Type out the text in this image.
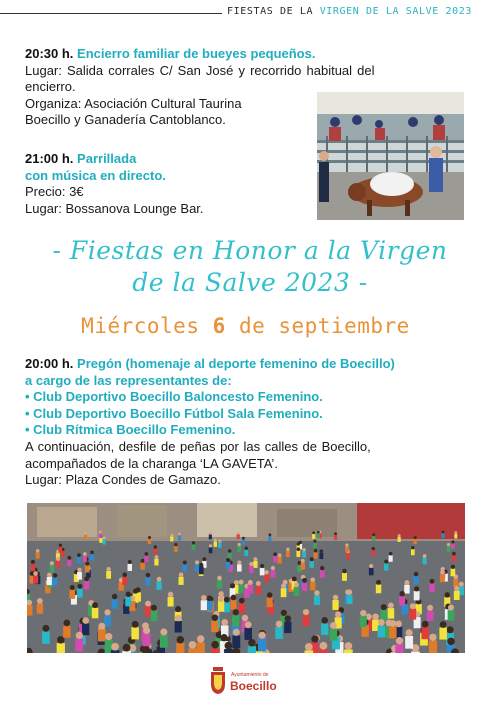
FIESTAS DE LA VIRGEN DE LA SALVE 2023
20:30 h. Encierro familiar de bueyes pequeños.
Lugar: Salida corrales C/ San José y recorrido habitual del
encierro.
Organiza: Asociación Cultural Taurina
Boecillo y Ganadería Cantoblanco.
21:00 h. Parrillada
con música en directo.
Precio: 3€
Lugar: Bossanova Lounge Bar.
- Fiestas en Honor a la Virgen
de la Salve 2023 -
Miércoles 6 de septiembre
20:00 h. Pregón (homenaje al deporte femenino de Boecillo)
a cargo de las representantes de:
• Club Deportivo Boecillo Baloncesto Femenino.
• Club Deportivo Boecillo Fútbol Sala Femenino.
• Club Rítmica Boecillo Femenino.
A continuación, desfile de peñas por las calles de Boecillo,
acompañados de la charanga ‘LA GAVETA’.
Lugar: Plaza Condes de Gamazo.
Ayuntamiento de
Boecillo
